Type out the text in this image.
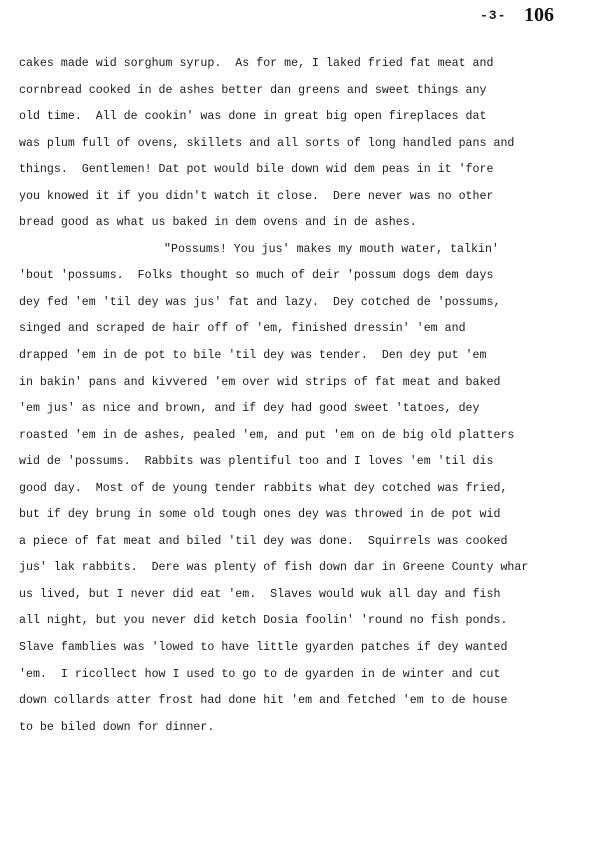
-3- 106
cakes made wid sorghum syrup.  As for me, I laked fried fat meat and
cornbread cooked in de ashes better dan greens and sweet things any
old time.  All de cookin' was done in great big open fireplaces dat
was plum full of ovens, skillets and all sorts of long handled pans and
things.  Gentlemen! Dat pot would bile down wid dem peas in it 'fore
you knowed it if you didn't watch it close.  Dere never was no other
bread good as what us baked in dem ovens and in de ashes.
"Possums! You jus' makes my mouth water, talkin'
'bout 'possums.  Folks thought so much of deir 'possum dogs dem days
dey fed 'em 'til dey was jus' fat and lazy.  Dey cotched de 'possums,
singed and scraped de hair off of 'em, finished dressin' 'em and
drapped 'em in de pot to bile 'til dey was tender.  Den dey put 'em
in bakin' pans and kivvered 'em over wid strips of fat meat and baked
'em jus' as nice and brown, and if dey had good sweet 'tatoes, dey
roasted 'em in de ashes, pealed 'em, and put 'em on de big old platters
wid de 'possums.  Rabbits was plentiful too and I loves 'em 'til dis
good day.  Most of de young tender rabbits what dey cotched was fried,
but if dey brung in some old tough ones dey was throwed in de pot wid
a piece of fat meat and biled 'til dey was done.  Squirrels was cooked
jus' lak rabbits.  Dere was plenty of fish down dar in Greene County whar
us lived, but I never did eat 'em.  Slaves would wuk all day and fish
all night, but you never did ketch Dosia foolin' 'round no fish ponds.
Slave famblies was 'lowed to have little gyarden patches if dey wanted
'em.  I ricollect how I used to go to de gyarden in de winter and cut
down collards atter frost had done hit 'em and fetched 'em to de house
to be biled down for dinner.
